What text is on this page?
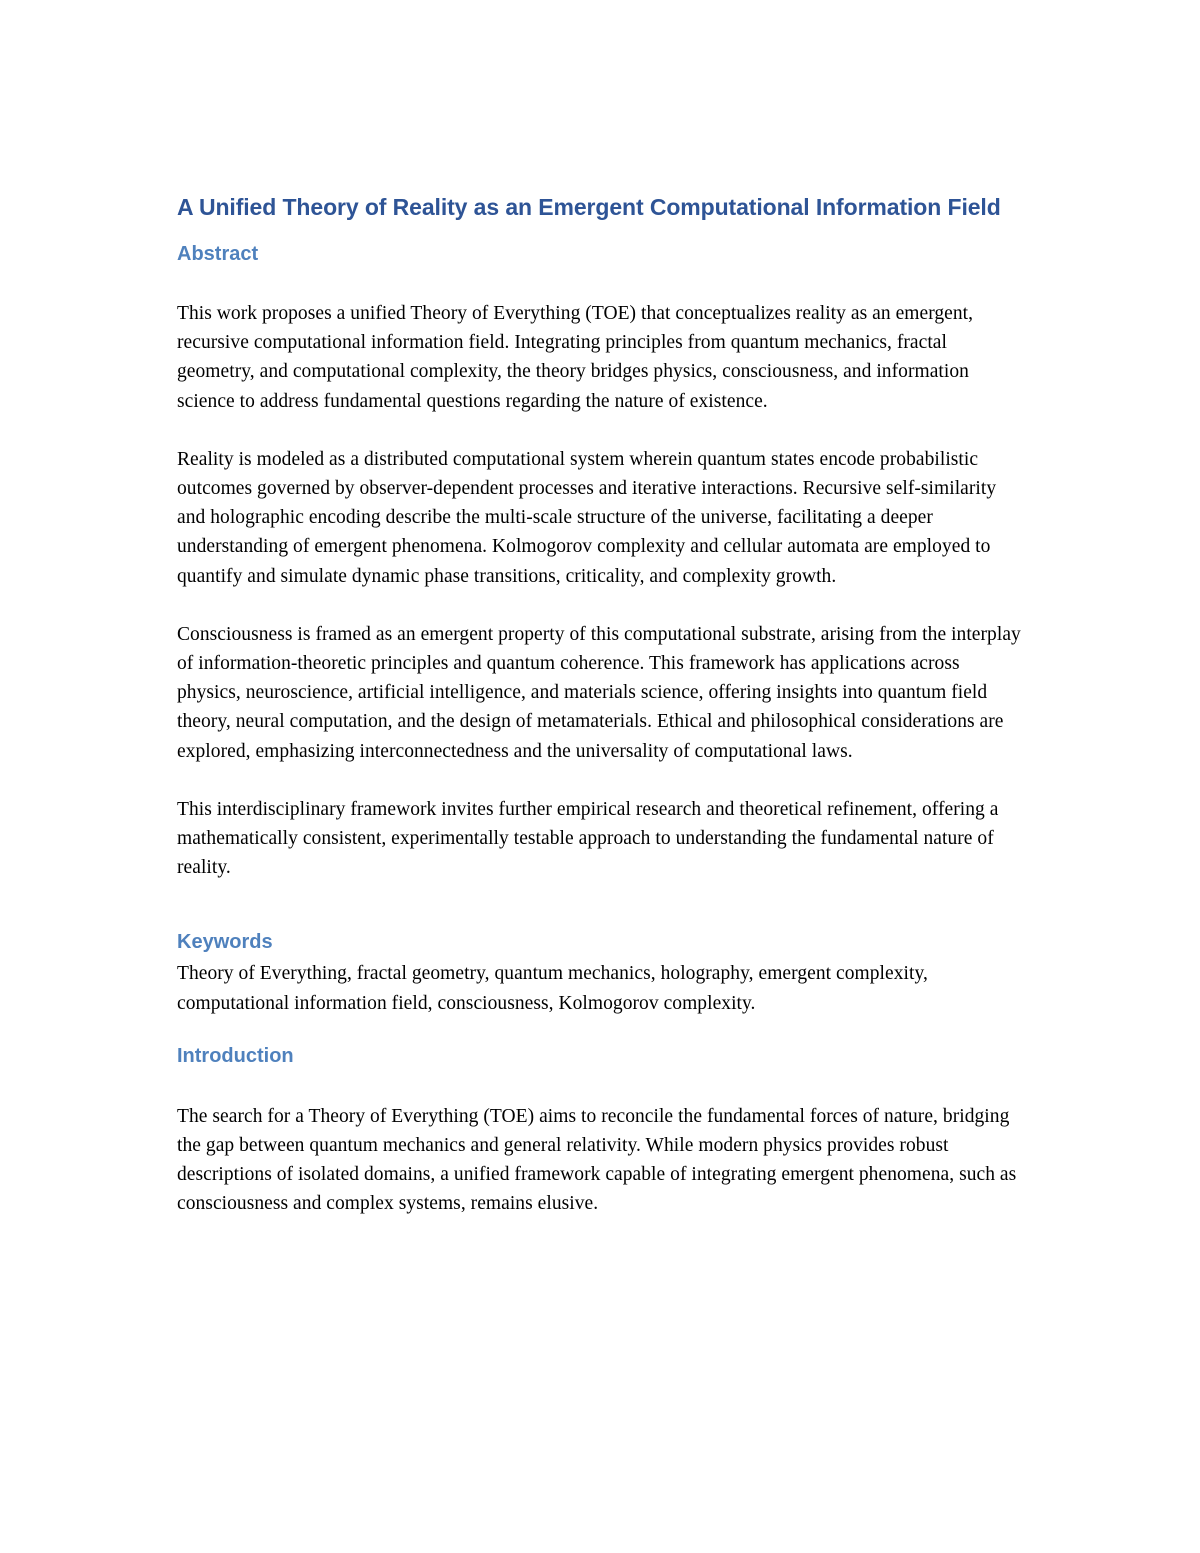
A Unified Theory of Reality as an Emergent Computational Information Field
Abstract

This work proposes a unified Theory of Everything (TOE) that conceptualizes reality as an emergent, recursive computational information field. Integrating principles from quantum mechanics, fractal geometry, and computational complexity, the theory bridges physics, consciousness, and information science to address fundamental questions regarding the nature of existence.

Reality is modeled as a distributed computational system wherein quantum states encode probabilistic outcomes governed by observer-dependent processes and iterative interactions. Recursive self-similarity and holographic encoding describe the multi-scale structure of the universe, facilitating a deeper understanding of emergent phenomena. Kolmogorov complexity and cellular automata are employed to quantify and simulate dynamic phase transitions, criticality, and complexity growth.

Consciousness is framed as an emergent property of this computational substrate, arising from the interplay of information-theoretic principles and quantum coherence. This framework has applications across physics, neuroscience, artificial intelligence, and materials science, offering insights into quantum field theory, neural computation, and the design of metamaterials. Ethical and philosophical considerations are explored, emphasizing interconnectedness and the universality of computational laws.

This interdisciplinary framework invites further empirical research and theoretical refinement, offering a mathematically consistent, experimentally testable approach to understanding the fundamental nature of reality.

Keywords

Theory of Everything, fractal geometry, quantum mechanics, holography, emergent complexity, computational information field, consciousness, Kolmogorov complexity.

Introduction

The search for a Theory of Everything (TOE) aims to reconcile the fundamental forces of nature, bridging the gap between quantum mechanics and general relativity. While modern physics provides robust descriptions of isolated domains, a unified framework capable of integrating emergent phenomena, such as consciousness and complex systems, remains elusive.
